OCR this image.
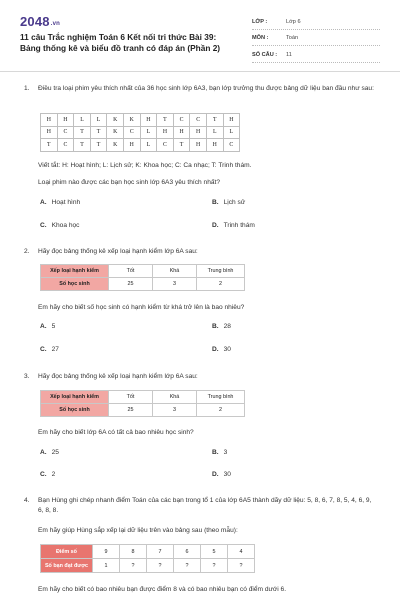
2048.vn
11 câu Trắc nghiệm Toán 6 Kết nối tri thức Bài 39: Bảng thống kê và biểu đồ tranh có đáp án (Phần 2)
LỚP :	Lớp 6
MÔN :	Toán
SỐ CÂU :	11
1. Điều tra loại phim yêu thích nhất của 36 học sinh lớp 6A3, bạn lớp trưởng thu được bảng dữ liệu ban đầu như sau:
H	H	L	L	K	K	H	T	C	C	T	H
H	C	T	T	K	C	L	H	H	H	L	L
T	C	T	T	K	H	L	C	T	H	H	C
Viết tắt: H: Hoạt hình; L: Lịch sử; K: Khoa học; C: Ca nhạc; T: Trinh thám.
Loại phim nào được các bạn học sinh lớp 6A3 yêu thích nhất?
A. Hoạt hình	B. Lịch sử
C. Khoa học	D. Trinh thám
2. Hãy đọc bảng thống kê xếp loại hạnh kiểm lớp 6A sau:
Xếp loại hạnh kiểm	Tốt	Khá	Trung bình
Số học sinh	25	3	2
Em hãy cho biết số học sinh có hạnh kiểm từ khá trở lên là bao nhiêu?
A. 5	B. 28
C. 27	D. 30
3. Hãy đọc bảng thống kê xếp loại hạnh kiểm lớp 6A sau:
Xếp loại hạnh kiểm	Tốt	Khá	Trung bình
Số học sinh	25	3	2
Em hãy cho biết lớp 6A có tất cả bao nhiêu học sinh?
A. 25	B. 3
C. 2	D. 30
4. Bạn Hùng ghi chép nhanh điểm Toán của các bạn trong tổ 1 của lớp 6A5 thành dãy dữ liệu: 5, 8, 6, 7, 8, 5, 4, 6, 9, 6, 8, 8.
Em hãy giúp Hùng sắp xếp lại dữ liệu trên vào bảng sau (theo mẫu):
Điểm số	9	8	7	6	5	4
Số bạn đạt được	1	?	?	?	?	?
Em hãy cho biết có bao nhiêu bạn được điểm 8 và có bao nhiêu bạn có điểm dưới 6.
